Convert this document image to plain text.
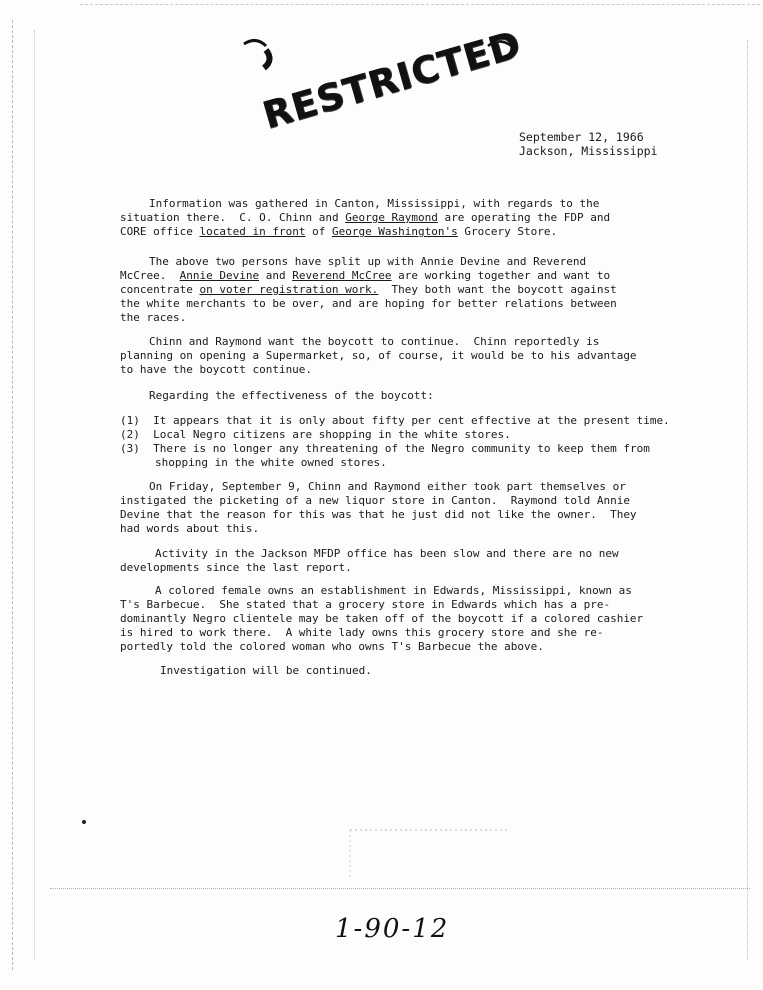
RESTRICTED
September 12, 1966
Jackson, Mississippi
Information was gathered in Canton, Mississippi, with regards to the
situation there.  C. O. Chinn and George Raymond are operating the FDP and
CORE office located in front of George Washington's Grocery Store.
The above two persons have split up with Annie Devine and Reverend
McCree.  Annie Devine and Reverend McCree are working together and want to
concentrate on voter registration work.  They both want the boycott against
the white merchants to be over, and are hoping for better relations between
the races.
Chinn and Raymond want the boycott to continue.  Chinn reportedly is
planning on opening a Supermarket, so, of course, it would be to his advantage
to have the boycott continue.
Regarding the effectiveness of the boycott:
(1) It appears that it is only about fifty per cent effective at the present time.
(2) Local Negro citizens are shopping in the white stores.
(3) There is no longer any threatening of the Negro community to keep them from
shopping in the white owned stores.
On Friday, September 9, Chinn and Raymond either took part themselves or
instigated the picketing of a new liquor store in Canton.  Raymond told Annie
Devine that the reason for this was that he just did not like the owner.  They
had words about this.
Activity in the Jackson MFDP office has been slow and there are no new
developments since the last report.
A colored female owns an establishment in Edwards, Mississippi, known as
T's Barbecue.  She stated that a grocery store in Edwards which has a pre-
dominantly Negro clientele may be taken off of the boycott if a colored cashier
is hired to work there.  A white lady owns this grocery store and she re-
portedly told the colored woman who owns T's Barbecue the above.
Investigation will be continued.
1-90-12
